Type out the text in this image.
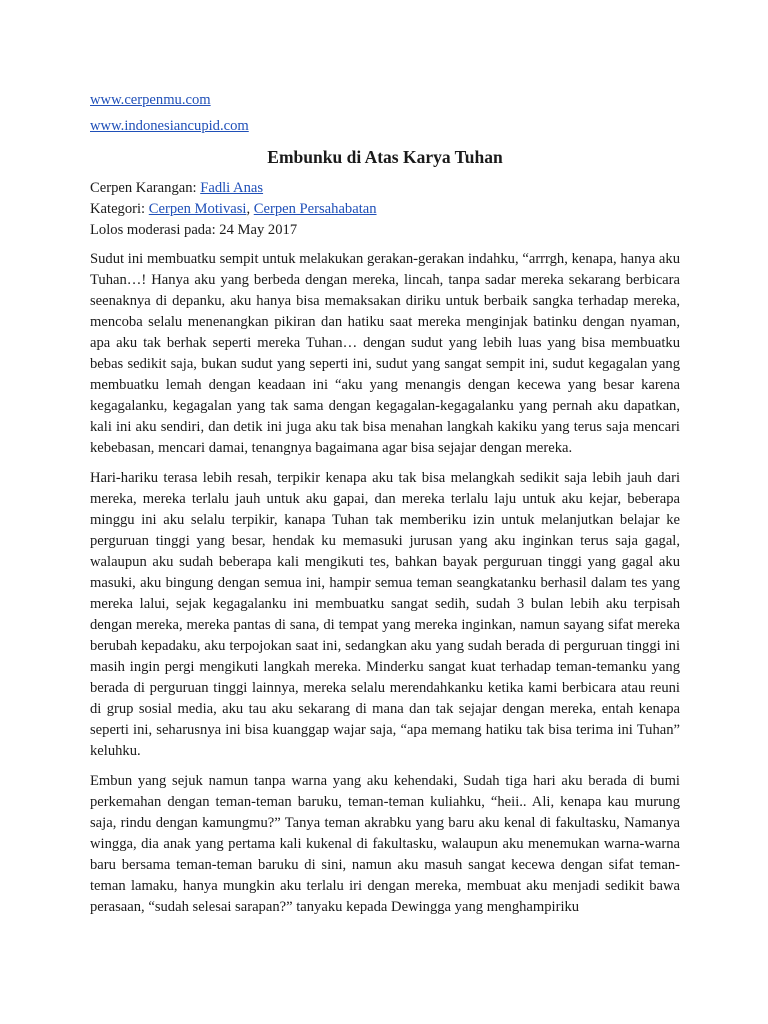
www.cerpenmu.com
www.indonesiancupid.com
Embunku di Atas Karya Tuhan

Cerpen Karangan: Fadli Anas

Kategori: Cerpen Motivasi, Cerpen Persahabatan

Lolos moderasi pada: 24 May 2017

Sudut ini membuatku sempit untuk melakukan gerakan-gerakan indahku, “arrrgh, kenapa, hanya aku Tuhan…! Hanya aku yang berbeda dengan mereka, lincah, tanpa sadar mereka sekarang berbicara seenaknya di depanku, aku hanya bisa memaksakan diriku untuk berbaik sangka terhadap mereka, mencoba selalu menenangkan pikiran dan hatiku saat mereka menginjak batinku dengan nyaman, apa aku tak berhak seperti mereka Tuhan… dengan sudut yang lebih luas yang bisa membuatku bebas sedikit saja, bukan sudut yang seperti ini, sudut yang sangat sempit ini, sudut kegagalan yang membuatku lemah dengan keadaan ini “aku yang menangis dengan kecewa yang besar karena kegagalanku, kegagalan yang tak sama dengan kegagalan-kegagalanku yang pernah aku dapatkan, kali ini aku sendiri, dan detik ini juga aku tak bisa menahan langkah kakiku yang terus saja mencari kebebasan, mencari damai, tenangnya bagaimana agar bisa sejajar dengan mereka.

Hari-hariku terasa lebih resah, terpikir kenapa aku tak bisa melangkah sedikit saja lebih jauh dari mereka, mereka terlalu jauh untuk aku gapai, dan mereka terlalu laju untuk aku kejar, beberapa minggu ini aku selalu terpikir, kanapa Tuhan tak memberiku izin untuk melanjutkan belajar ke perguruan tinggi yang besar, hendak ku memasuki jurusan yang aku inginkan terus saja gagal, walaupun aku sudah beberapa kali mengikuti tes, bahkan bayak perguruan tinggi yang gagal aku masuki, aku bingung dengan semua ini, hampir semua teman seangkatanku berhasil dalam tes yang mereka lalui, sejak kegagalanku ini membuatku sangat sedih, sudah 3 bulan lebih aku terpisah dengan mereka, mereka pantas di sana, di tempat yang mereka inginkan, namun sayang sifat mereka berubah kepadaku, aku terpojokan saat ini, sedangkan aku yang sudah berada di perguruan tinggi ini masih ingin pergi mengikuti langkah mereka. Minderku sangat kuat terhadap teman-temanku yang berada di perguruan tinggi lainnya, mereka selalu merendahkanku ketika kami berbicara atau reuni di grup sosial media, aku tau aku sekarang di mana dan tak sejajar dengan mereka, entah kenapa seperti ini, seharusnya ini bisa kuanggap wajar saja, “apa memang hatiku tak bisa terima ini Tuhan” keluhku.

Embun yang sejuk namun tanpa warna yang aku kehendaki, Sudah tiga hari aku berada di bumi perkemahan dengan teman-teman baruku, teman-teman kuliahku, “heii.. Ali, kenapa kau murung saja, rindu dengan kamungmu?” Tanya teman akrabku yang baru aku kenal di fakultasku, Namanya wingga, dia anak yang pertama kali kukenal di fakultasku, walaupun aku menemukan warna-warna baru bersama teman-teman baruku di sini, namun aku masuh sangat kecewa dengan sifat teman-teman lamaku, hanya mungkin aku terlalu iri dengan mereka, membuat aku menjadi sedikit bawa perasaan, “sudah selesai sarapan?” tanyaku kepada Dewingga yang menghampiriku
